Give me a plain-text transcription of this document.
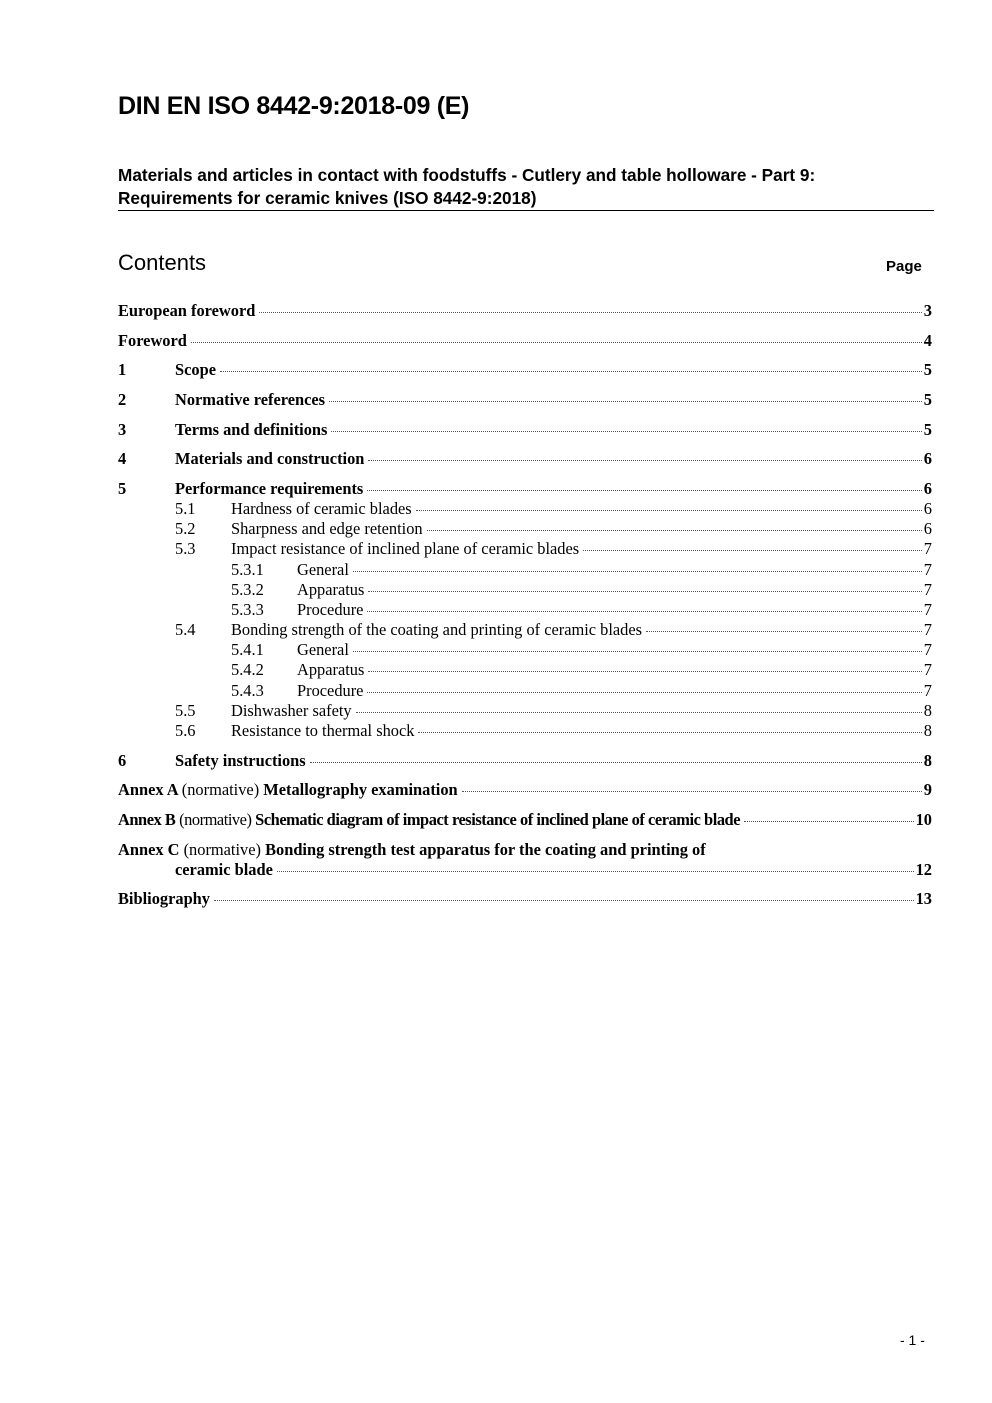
DIN EN ISO 8442-9:2018-09 (E)
Materials and articles in contact with foodstuffs - Cutlery and table holloware - Part 9: Requirements for ceramic knives (ISO 8442-9:2018)
Contents	Page
European foreword	3
Foreword	4
1	Scope	5
2	Normative references	5
3	Terms and definitions	5
4	Materials and construction	6
5	Performance requirements	6
5.1	Hardness of ceramic blades	6
5.2	Sharpness and edge retention	6
5.3	Impact resistance of inclined plane of ceramic blades	7
5.3.1	General	7
5.3.2	Apparatus	7
5.3.3	Procedure	7
5.4	Bonding strength of the coating and printing of ceramic blades	7
5.4.1	General	7
5.4.2	Apparatus	7
5.4.3	Procedure	7
5.5	Dishwasher safety	8
5.6	Resistance to thermal shock	8
6	Safety instructions	8
Annex A (normative) Metallography examination	9
Annex B (normative) Schematic diagram of impact resistance of inclined plane of ceramic blade	10
Annex C (normative) Bonding strength test apparatus for the coating and printing of
ceramic blade	12
Bibliography	13
- 1 -
